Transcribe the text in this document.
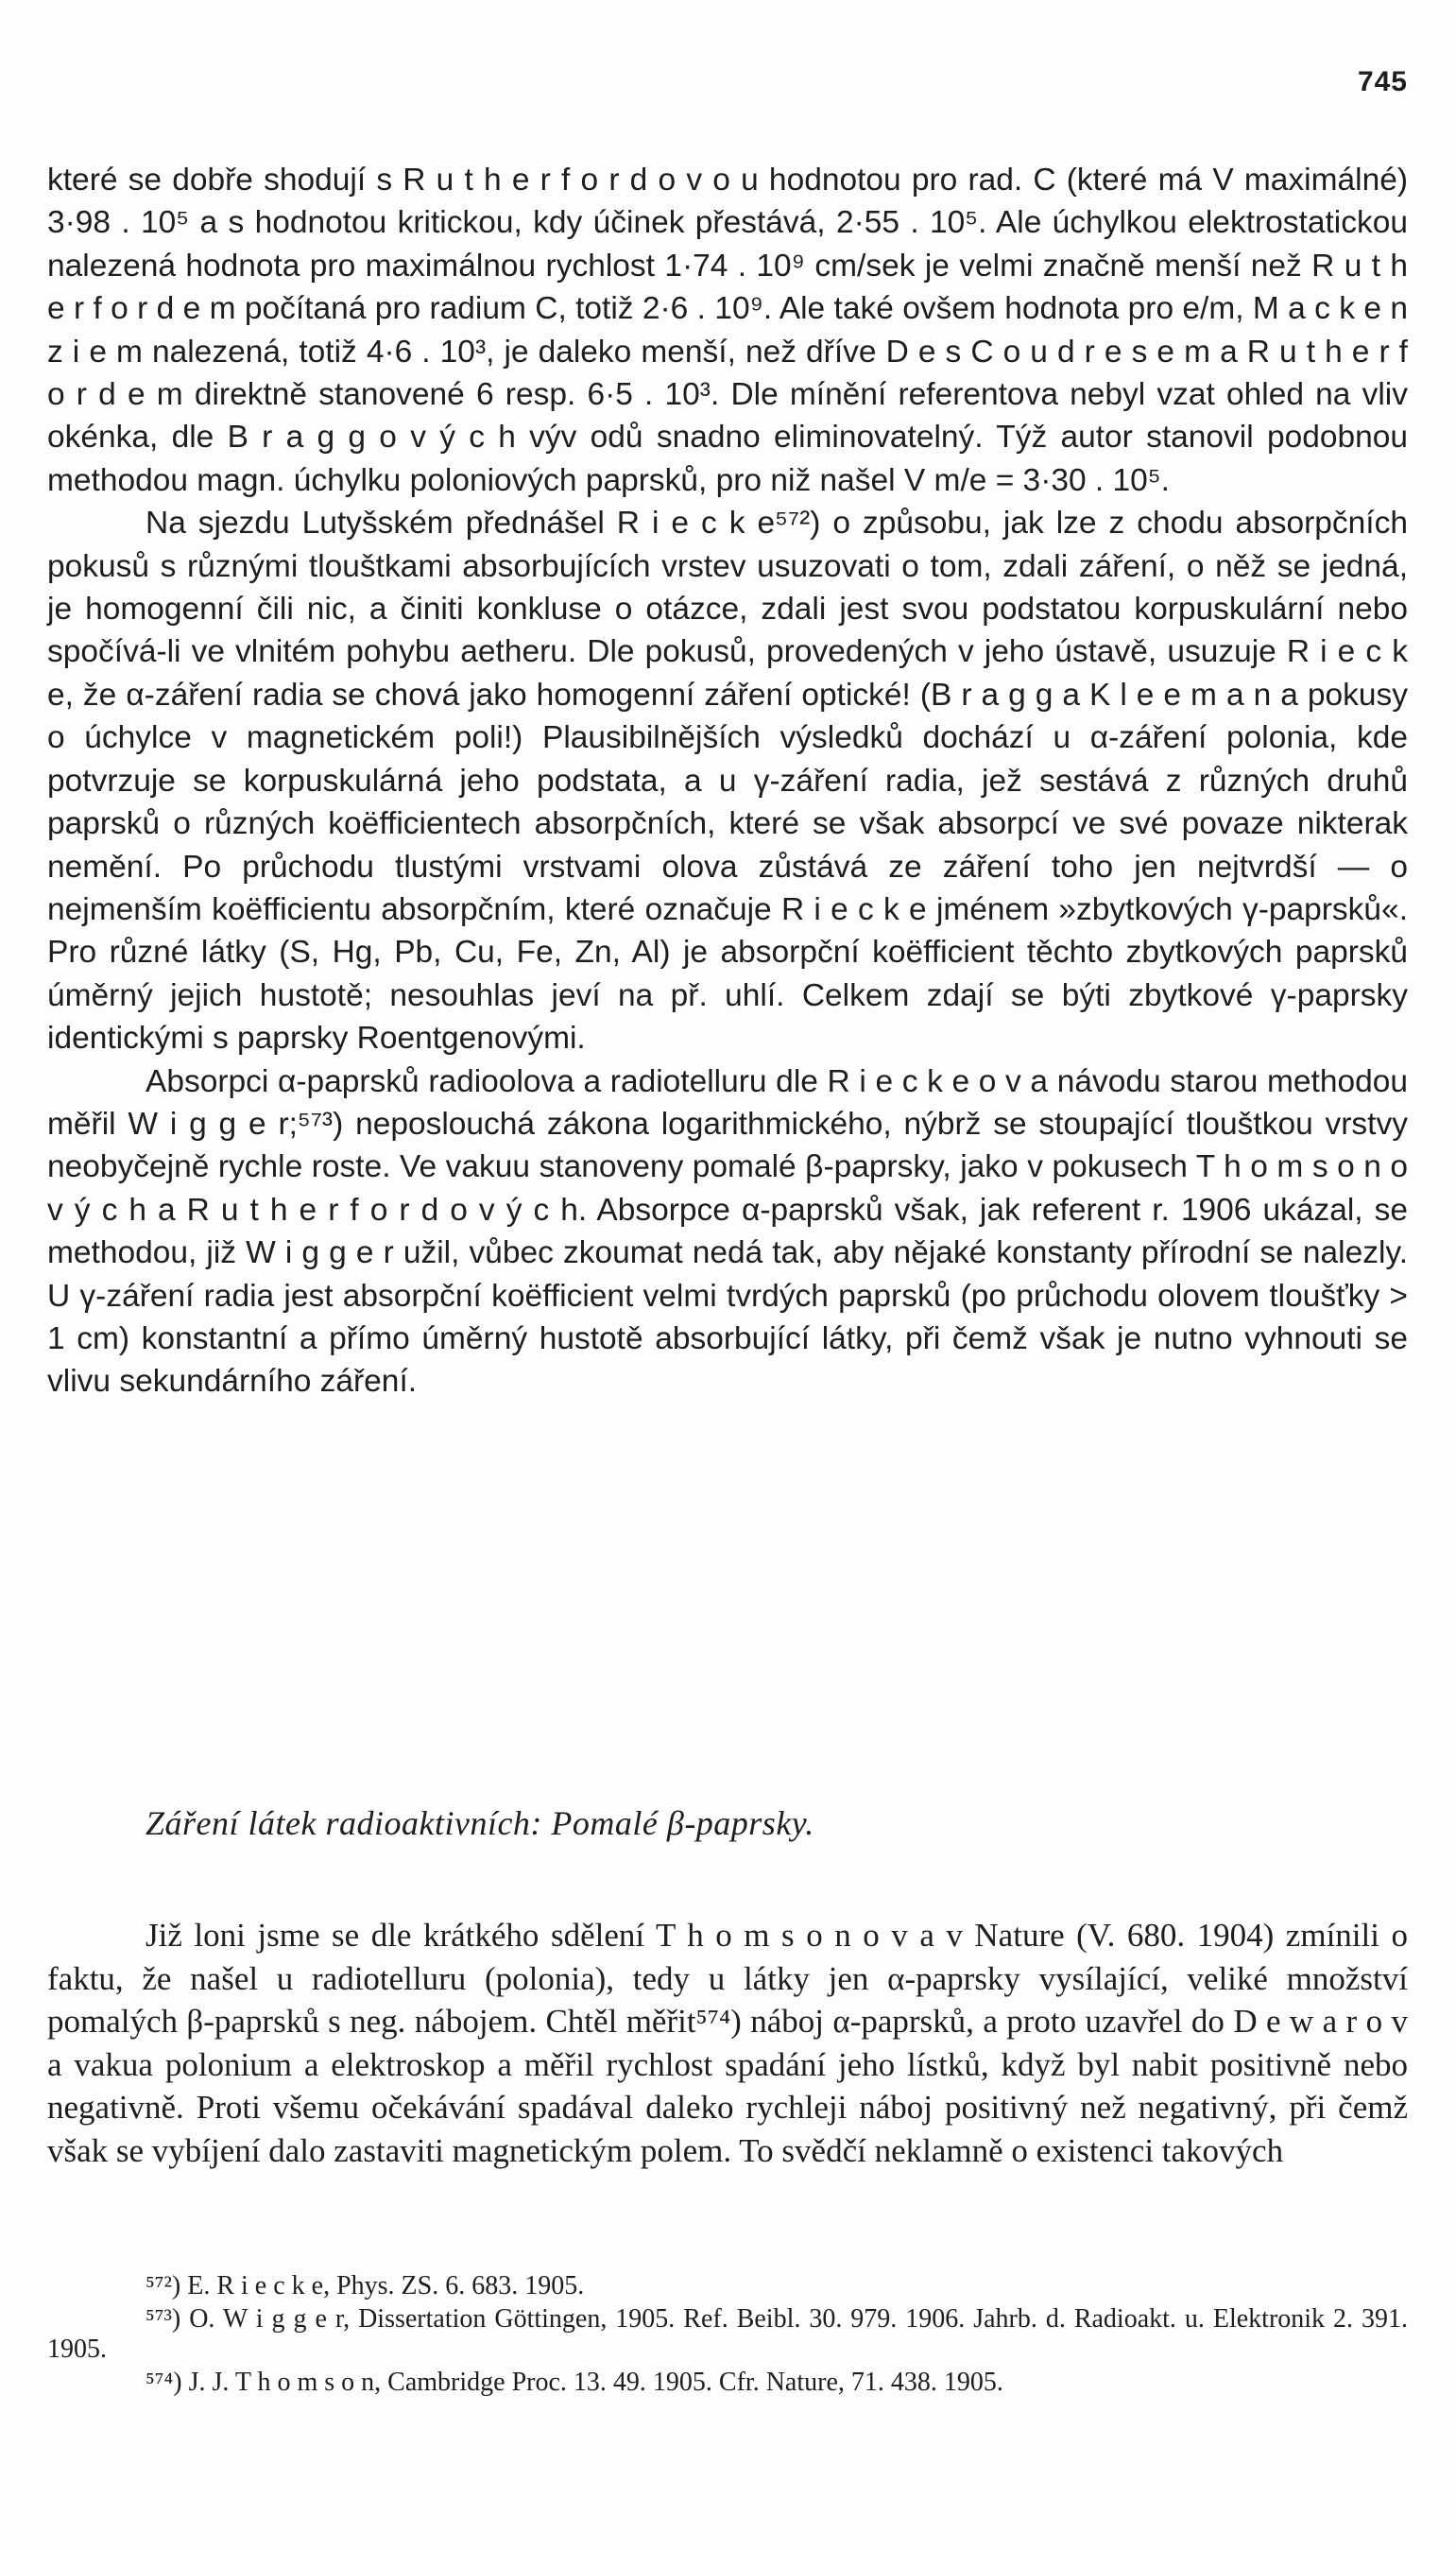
745

které se dobře shodují s R u t h e r f o r d o v o u hodnotou pro rad. C (které má V maximálné) 3·98 . 10⁵ a s hodnotou kritickou, kdy účinek přestává, 2·55 . 10⁵. Ale úchylkou elektrostatickou nalezená hodnota pro maximálnou rychlost 1·74 . 10⁹ cm/sek je velmi značně menší než R u t h e r f o r d e m počítaná pro radium C, totiž 2·6 . 10⁹. Ale také ovšem hodnota pro e/m, M a c k e n z i e m nalezená, totiž 4·6 . 10³, je daleko menší, než dříve D e s C o u d r e s e m a R u t h e r f o r d e m direktně stanovené 6 resp. 6·5 . 10³. Dle mínění referentova nebyl vzat ohled na vliv okénka, dle B r a g g o v ý c h výv odů snadno eliminovatelný. Týž autor stanovil podobnou methodou magn. úchylku poloniových paprsků, pro niž našel V m/e = 3·30 . 10⁵.

Na sjezdu Lutyšském přednášel R i e c k e⁵⁷²) o způsobu, jak lze z chodu absorpčních pokusů s různými tlouštkami absorbujících vrstev usuzovati o tom, zdali záření, o něž se jedná, je homogenní čili nic, a činiti konkluse o otázce, zdali jest svou podstatou korpuskulární nebo spočívá-li ve vlnitém pohybu aetheru. Dle pokusů, provedených v jeho ústavě, usuzuje R i e c k e, že α-záření radia se chová jako homogenní záření optické! (B r a g g a K l e e m a n a pokusy o úchylce v magnetickém poli!) Plausibilnějších výsledků dochází u α-záření polonia, kde potvrzuje se korpuskulárná jeho podstata, a u γ-záření radia, jež sestává z různých druhů paprsků o různých koëfficientech absorpčních, které se však absorpcí ve své povaze nikterak nemění. Po průchodu tlustými vrstvami olova zůstává ze záření toho jen nejtvrdší — o nejmenším koëfficientu absorpčním, které označuje R i e c k e jménem »zbytkových γ-paprsků«. Pro různé látky (S, Hg, Pb, Cu, Fe, Zn, Al) je absorpční koëfficient těchto zbytkových paprsků úměrný jejich hustotě; nesouhlas jeví na př. uhlí. Celkem zdají se býti zbytkové γ-paprsky identickými s paprsky Roentgenovými.

Absorpci α-paprsků radioolova a radiotelluru dle R i e c k e o v a návodu starou methodou měřil W i g g e r;⁵⁷³) neposlouchá zákona logarithmického, nýbrž se stoupající tlouštkou vrstvy neobyčejně rychle roste. Ve vakuu stanoveny pomalé β-paprsky, jako v pokusech T h o m s o n o v ý c h a R u t h e r f o r d o v ý c h. Absorpce α-paprsků však, jak referent r. 1906 ukázal, se methodou, již W i g g e r užil, vůbec zkoumat nedá tak, aby nějaké konstanty přírodní se nalezly. U γ-záření radia jest absorpční koëfficient velmi tvrdých paprsků (po průchodu olovem tloušťky > 1 cm) konstantní a přímo úměrný hustotě absorbující látky, při čemž však je nutno vyhnouti se vlivu sekundárního záření.

Záření látek radioaktivních: Pomalé β-paprsky.

Již loni jsme se dle krátkého sdělení T h o m s o n o v a v Nature (V. 680. 1904) zmínili o faktu, že našel u radiotelluru (polonia), tedy u látky jen α-paprsky vysílající, veliké množství pomalých β-paprsků s neg. nábojem. Chtěl měřit⁵⁷⁴) náboj α-paprsků, a proto uzavřel do D e w a r o v a vakua polonium a elektroskop a měřil rychlost spadání jeho lístků, když byl nabit positivně nebo negativně. Proti všemu očekávání spadával daleko rychleji náboj positivný než negativný, při čemž však se vybíjení dalo zastaviti magnetickým polem. To svědčí neklamně o existenci takových

⁵⁷²) E. R i e c k e, Phys. ZS. 6. 683. 1905.

⁵⁷³) O. W i g g e r, Dissertation Göttingen, 1905. Ref. Beibl. 30. 979. 1906. Jahrb. d. Radioakt. u. Elektronik 2. 391. 1905.

⁵⁷⁴) J. J. T h o m s o n, Cambridge Proc. 13. 49. 1905. Cfr. Nature, 71. 438. 1905.
